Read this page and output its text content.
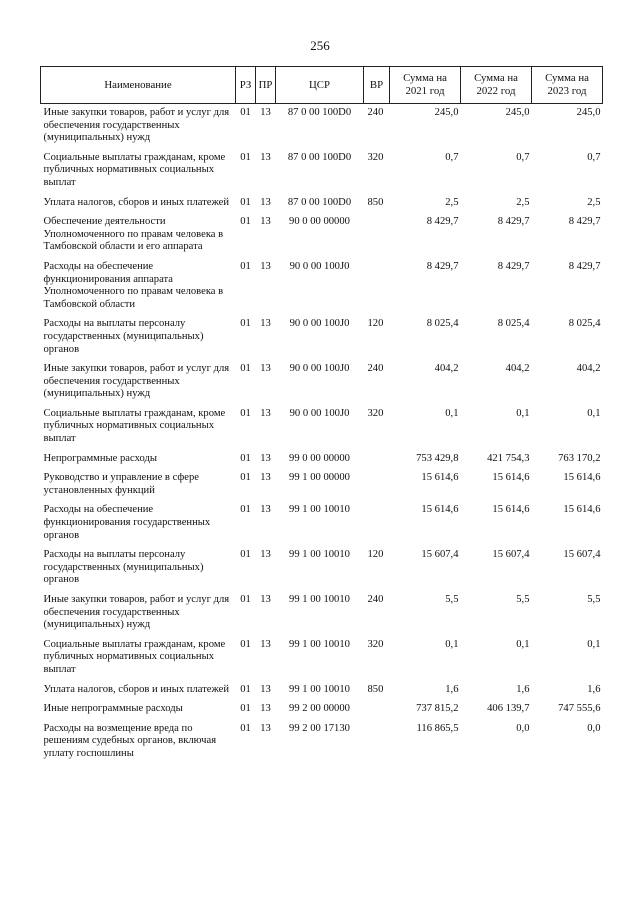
256
Наименование	РЗ	ПР	ЦСР	ВР	Сумма на 2021 год	Сумма на 2022 год	Сумма на 2023 год
Иные закупки товаров, работ и услуг для обеспечения государственных (муниципальных) нужд	01	13	87 0 00 100D0	240	245,0	245,0	245,0
Социальные выплаты гражданам, кроме публичных нормативных социальных выплат	01	13	87 0 00 100D0	320	0,7	0,7	0,7
Уплата налогов, сборов и иных платежей	01	13	87 0 00 100D0	850	2,5	2,5	2,5
Обеспечение деятельности Уполномоченного по правам человека в Тамбовской области и его аппарата	01	13	90 0 00 00000		8 429,7	8 429,7	8 429,7
Расходы на обеспечение функционирования аппарата Уполномоченного по правам человека в Тамбовской области	01	13	90 0 00 100J0		8 429,7	8 429,7	8 429,7
Расходы на выплаты персоналу государственных (муниципальных) органов	01	13	90 0 00 100J0	120	8 025,4	8 025,4	8 025,4
Иные закупки товаров, работ и услуг для обеспечения государственных (муниципальных) нужд	01	13	90 0 00 100J0	240	404,2	404,2	404,2
Социальные выплаты гражданам, кроме публичных нормативных социальных выплат	01	13	90 0 00 100J0	320	0,1	0,1	0,1
Непрограммные расходы	01	13	99 0 00 00000		753 429,8	421 754,3	763 170,2
Руководство и управление в сфере установленных функций	01	13	99 1 00 00000		15 614,6	15 614,6	15 614,6
Расходы на обеспечение функционирования государственных органов	01	13	99 1 00 10010		15 614,6	15 614,6	15 614,6
Расходы на выплаты персоналу государственных (муниципальных) органов	01	13	99 1 00 10010	120	15 607,4	15 607,4	15 607,4
Иные закупки товаров, работ и услуг для обеспечения государственных (муниципальных) нужд	01	13	99 1 00 10010	240	5,5	5,5	5,5
Социальные выплаты гражданам, кроме публичных нормативных социальных выплат	01	13	99 1 00 10010	320	0,1	0,1	0,1
Уплата налогов, сборов и иных платежей	01	13	99 1 00 10010	850	1,6	1,6	1,6
Иные непрограммные расходы	01	13	99 2 00 00000		737 815,2	406 139,7	747 555,6
Расходы на возмещение вреда по решениям судебных органов, включая уплату госпошлины	01	13	99 2 00 17130		116 865,5	0,0	0,0
